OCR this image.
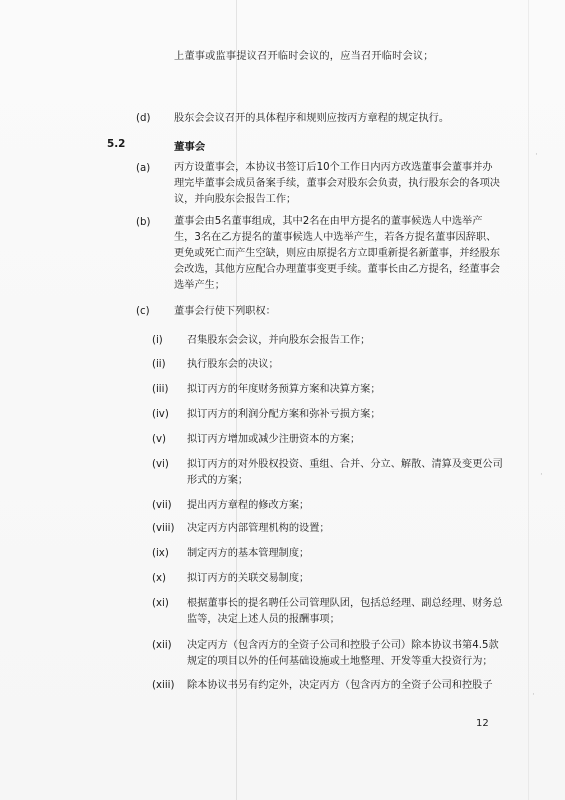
上董事或监事提议召开临时会议的，应当召开临时会议；
(d) 股东会会议召开的具体程序和规则应按丙方章程的规定执行。
5.2	董事会
(a) 丙方设董事会，本协议书签订后10个工作日内丙方改选董事会董事并办理完毕董事会成员备案手续，董事会对股东会负责，执行股东会的各项决议，并向股东会报告工作；
(b) 董事会由5名董事组成，其中2名在由甲方提名的董事候选人中选举产生，3名在乙方提名的董事候选人中选举产生，若各方提名董事因辞职、更免或死亡而产生空缺，则应由原提名方立即重新提名新董事，并经股东会改选，其他方应配合办理董事变更手续。董事长由乙方提名，经董事会选举产生；
(c) 董事会行使下列职权：
(i) 召集股东会会议，并向股东会报告工作；
(ii) 执行股东会的决议；
(iii) 拟订丙方的年度财务预算方案和决算方案；
(iv) 拟订丙方的利润分配方案和弥补亏损方案；
(v) 拟订丙方增加或减少注册资本的方案；
(vi) 拟订丙方的对外股权投资、重组、合并、分立、解散、清算及变更公司形式的方案；
(vii) 提出丙方章程的修改方案；
(viii) 决定丙方内部管理机构的设置；
(ix) 制定丙方的基本管理制度；
(x) 拟订丙方的关联交易制度；
(xi) 根据董事长的提名聘任公司管理队团，包括总经理、副总经理、财务总监等，决定上述人员的报酬事项；
(xii) 决定丙方（包含丙方的全资子公司和控股子公司）除本协议书第4.5款规定的项目以外的任何基础设施或土地整理、开发等重大投资行为；
(xiii) 除本协议书另有约定外，决定丙方（包含丙方的全资子公司和控股子
12
·
·
·
